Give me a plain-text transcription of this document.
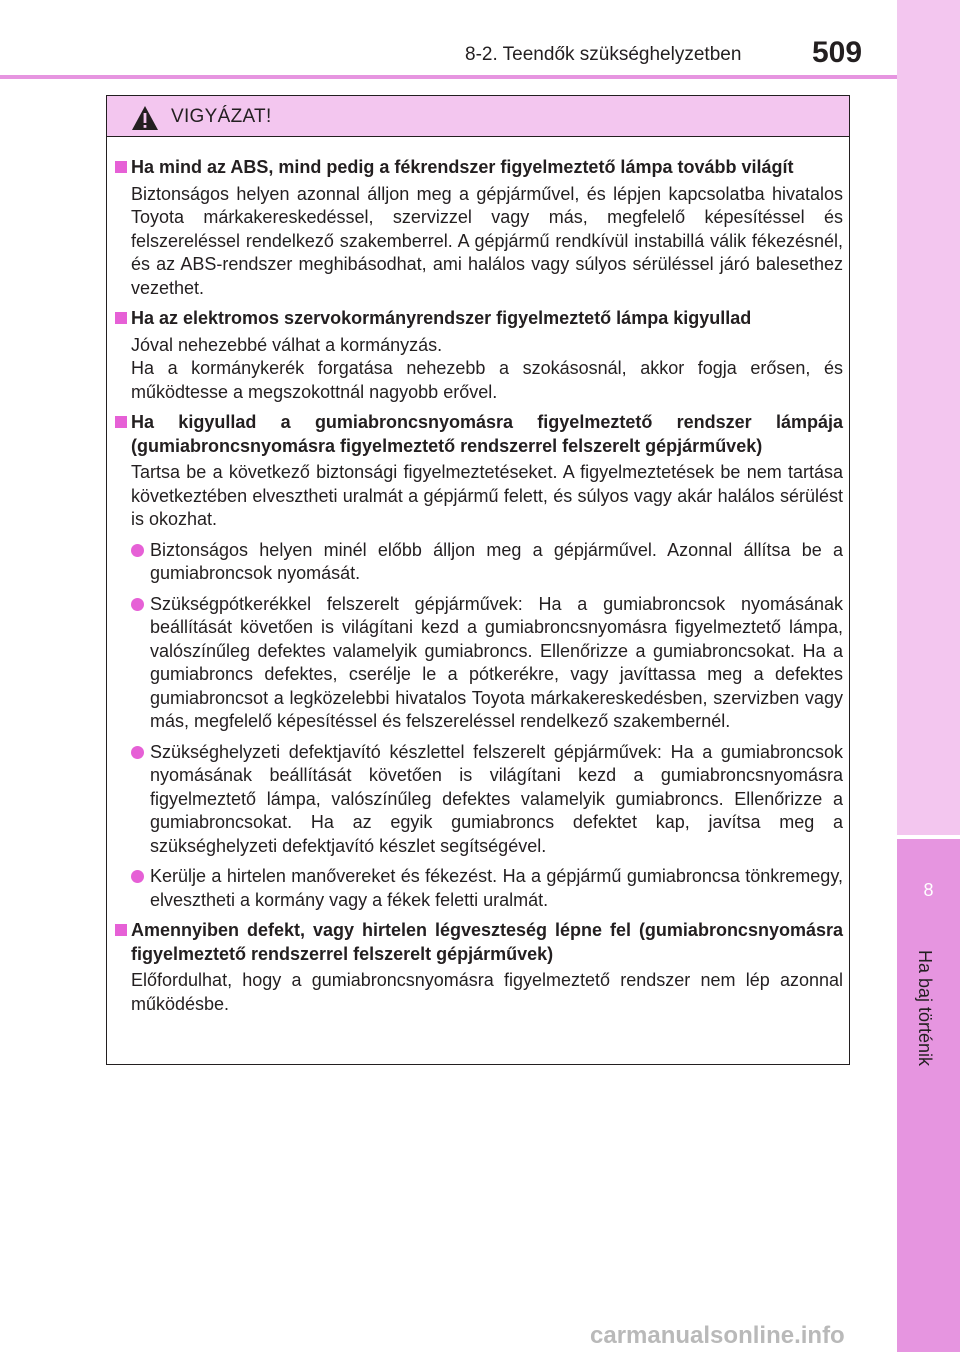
8-2. Teendők szükséghelyzetben 509
8
Ha baj történik
VIGYÁZAT!
Ha mind az ABS, mind pedig a fékrendszer figyelmeztető lámpa tovább világít
Biztonságos helyen azonnal álljon meg a gépjárművel, és lépjen kapcsolatba hivatalos Toyota márkakereskedéssel, szervizzel vagy más, megfelelő képesítéssel és felszereléssel rendelkező szakemberrel. A gépjármű rendkívül instabillá válik fékezésnél, és az ABS-rendszer meghibásodhat, ami halálos vagy súlyos sérüléssel járó balesethez vezethet.
Ha az elektromos szervokormányrendszer figyelmeztető lámpa kigyullad
Jóval nehezebbé válhat a kormányzás.
Ha a kormánykerék forgatása nehezebb a szokásosnál, akkor fogja erősen, és működtesse a megszokottnál nagyobb erővel.
Ha kigyullad a gumiabroncsnyomásra figyelmeztető rendszer lámpája (gumiabroncsnyomásra figyelmeztető rendszerrel felszerelt gépjárművek)
Tartsa be a következő biztonsági figyelmeztetéseket. A figyelmeztetések be nem tartása következtében elvesztheti uralmát a gépjármű felett, és súlyos vagy akár halálos sérülést is okozhat.
Biztonságos helyen minél előbb álljon meg a gépjárművel. Azonnal állítsa be a gumiabroncsok nyomását.
Szükségpótkerékkel felszerelt gépjárművek: Ha a gumiabroncsok nyomásának beállítását követően is világítani kezd a gumiabroncsnyomásra figyelmeztető lámpa, valószínűleg defektes valamelyik gumiabroncs. Ellenőrizze a gumiabroncsokat. Ha a gumiabroncs defektes, cserélje le a pótkerékre, vagy javíttassa meg a defektes gumiabroncsot a legközelebbi hivatalos Toyota márkakereskedésben, szervizben vagy más, megfelelő képesítéssel és felszereléssel rendelkező szakembernél.
Szükséghelyzeti defektjavító készlettel felszerelt gépjárművek: Ha a gumiabroncsok nyomásának beállítását követően is világítani kezd a gumiabroncsnyomásra figyelmeztető lámpa, valószínűleg defektes valamelyik gumiabroncs. Ellenőrizze a gumiabroncsokat. Ha az egyik gumiabroncs defektet kap, javítsa meg a szükséghelyzeti defektjavító készlet segítségével.
Kerülje a hirtelen manővereket és fékezést. Ha a gépjármű gumiabroncsa tönkremegy, elvesztheti a kormány vagy a fékek feletti uralmát.
Amennyiben defekt, vagy hirtelen légveszteség lépne fel (gumiabroncsnyomásra figyelmeztető rendszerrel felszerelt gépjárművek)
Előfordulhat, hogy a gumiabroncsnyomásra figyelmeztető rendszer nem lép azonnal működésbe.
carmanualsonline.info
